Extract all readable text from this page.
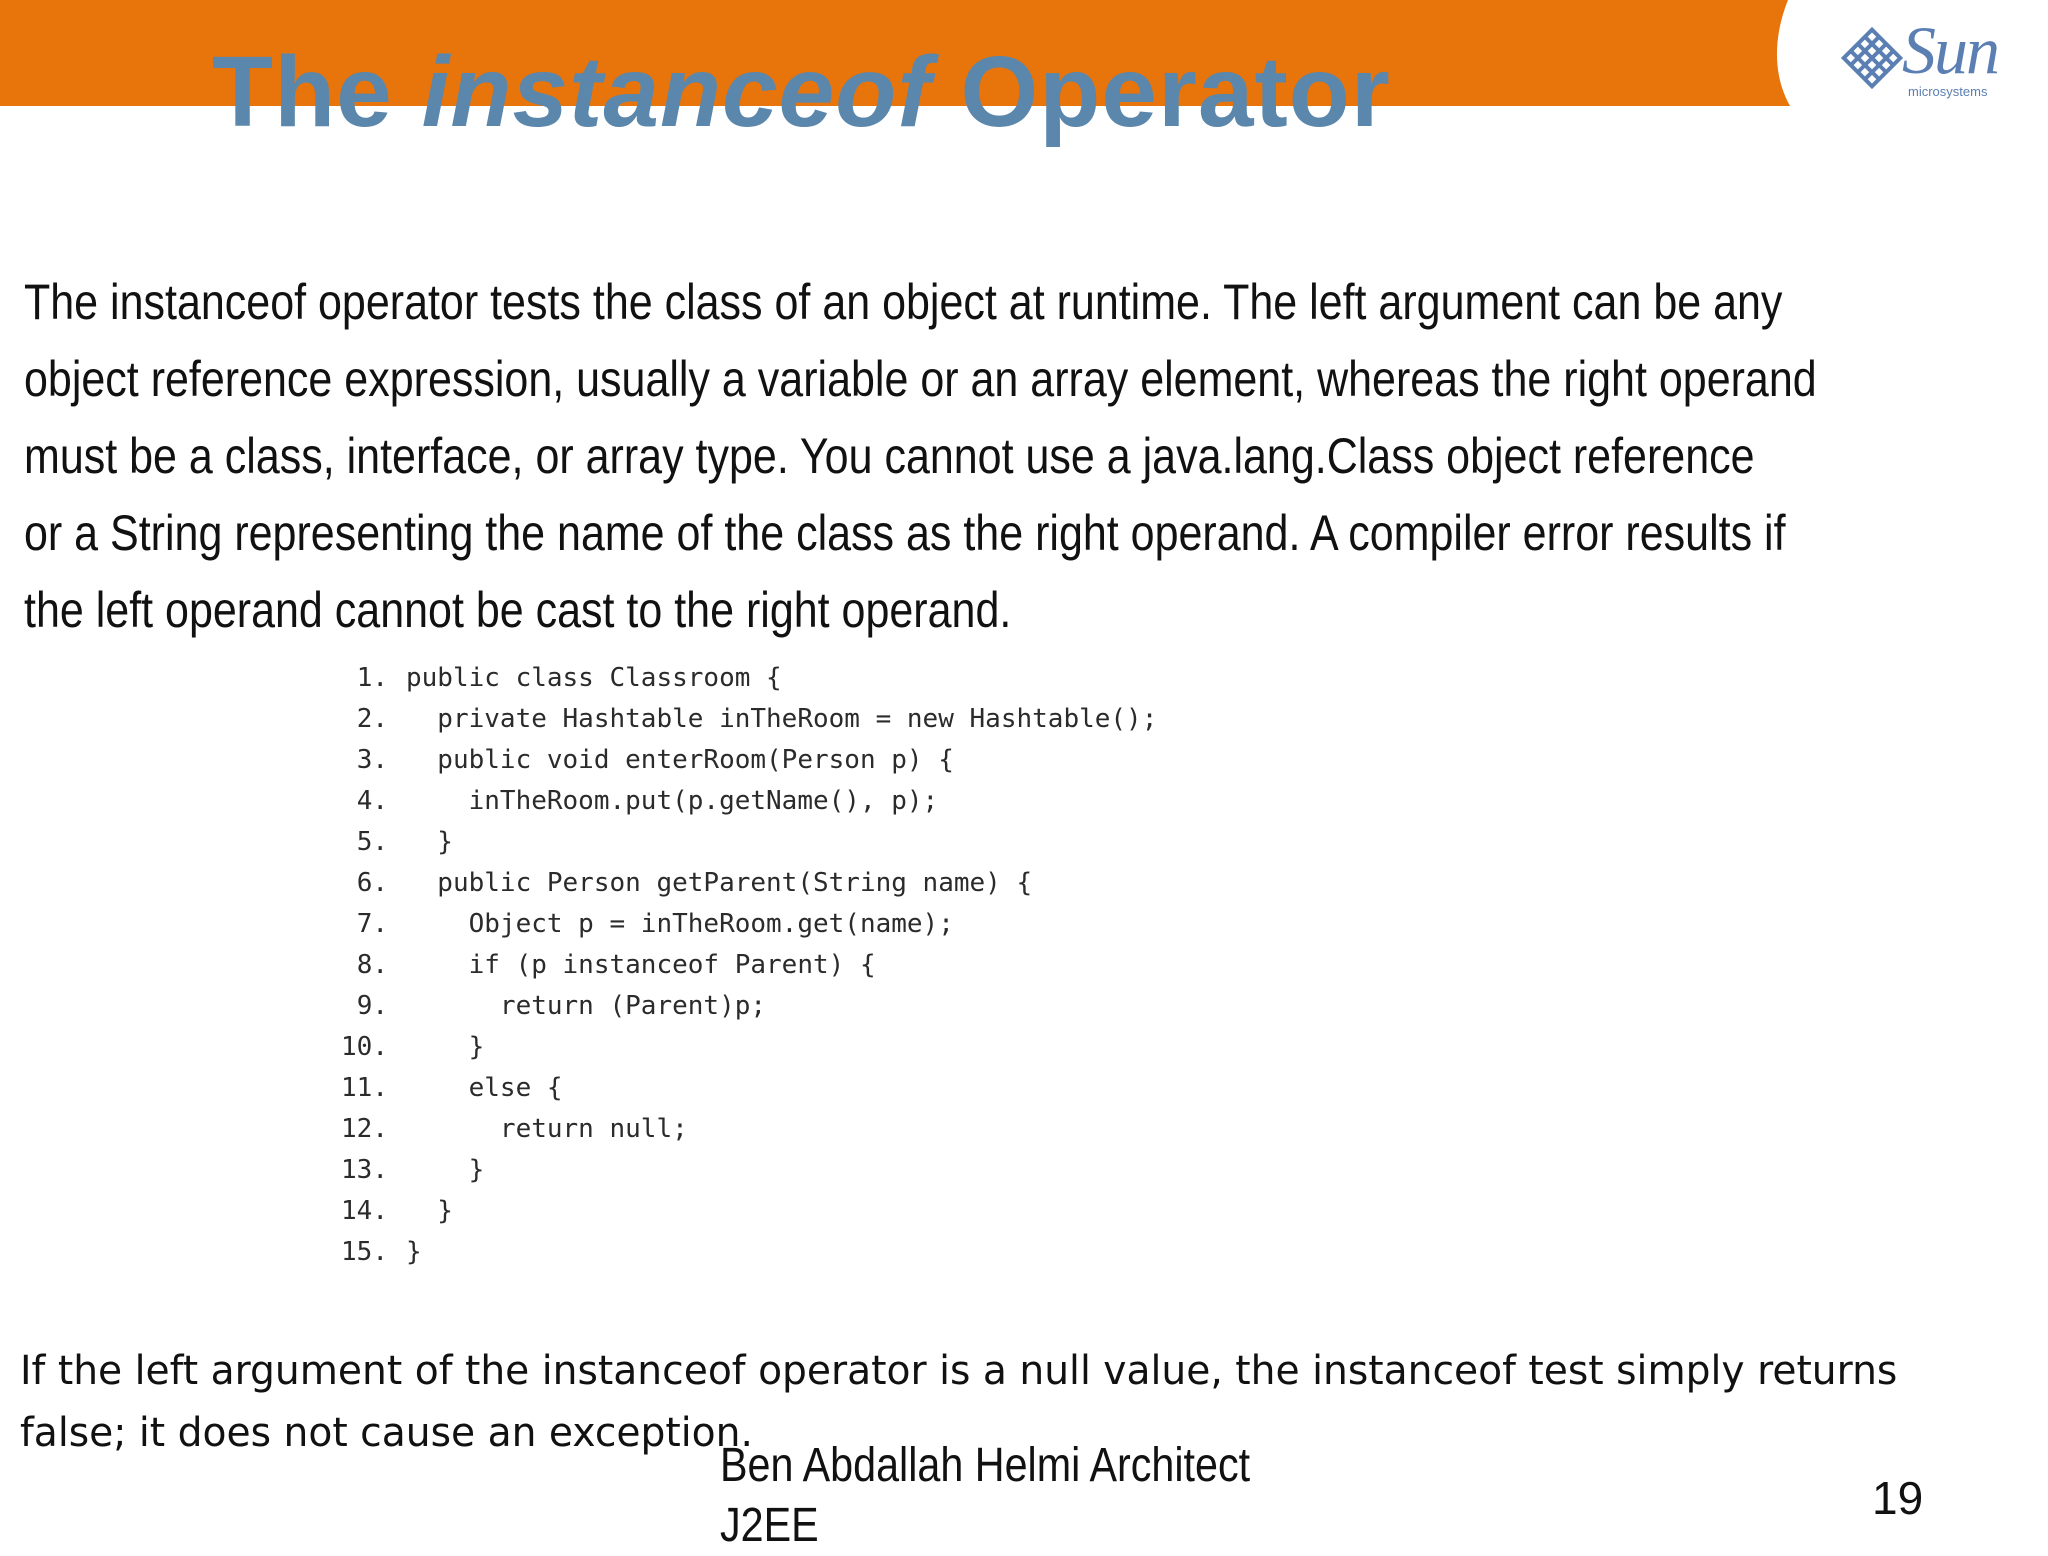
The instanceof Operator	Sun
microsystems

The instanceof operator tests the class of an object at runtime. The left argument can be any
object reference expression, usually a variable or an array element, whereas the right operand
must be a class, interface, or array type. You cannot use a java.lang.Class object reference
or a String representing the name of the class as the right operand. A compiler error results if
the left operand cannot be cast to the right operand.

1. public class Classroom {
2. private Hashtable inTheRoom = new Hashtable();
3. public void enterRoom(Person p) {
4. inTheRoom.put(p.getName(), p);
5. }
6. public Person getParent(String name) {
7. Object p = inTheRoom.get(name);
8. if (p instanceof Parent) {
9. return (Parent)p;
10. }
11. else {
12. return null;
13. }
14. }
15. }

If the left argument of the instanceof operator is a null value, the instanceof test simply returns
false; it does not cause an exception.

Ben Abdallah Helmi Architect
J2EE

19
